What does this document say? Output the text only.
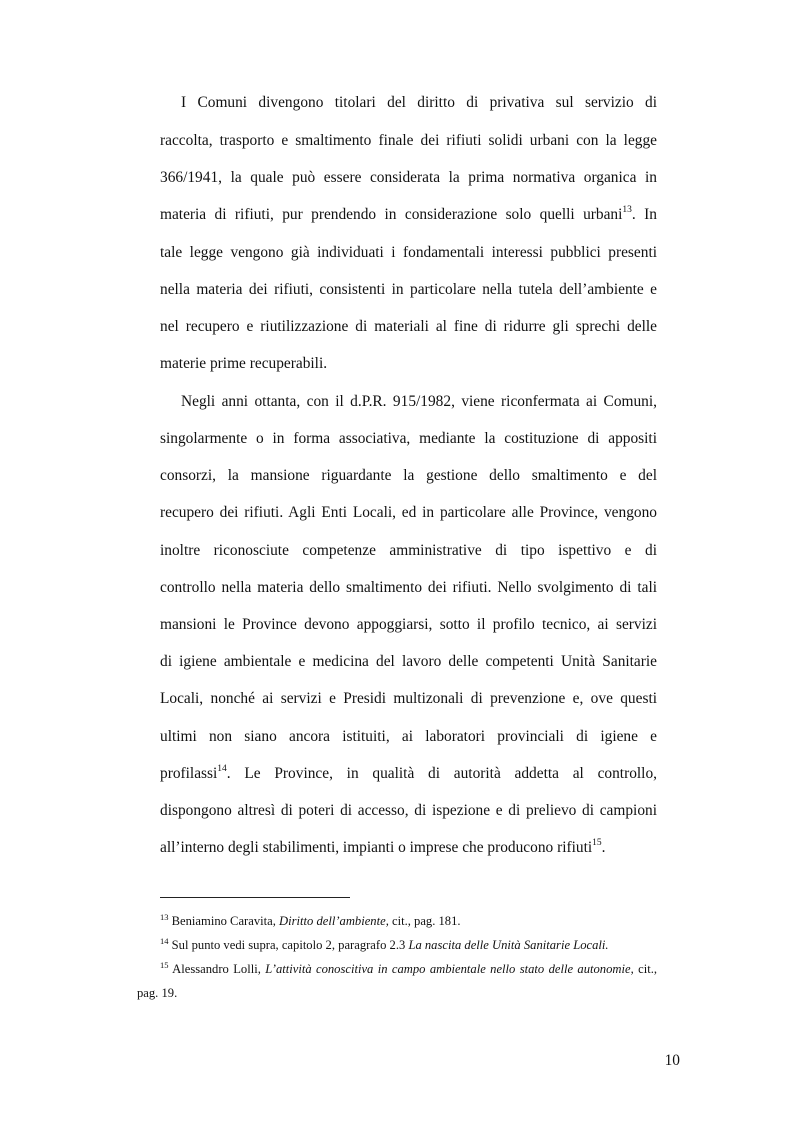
I Comuni divengono titolari del diritto di privativa sul servizio di
raccolta, trasporto e smaltimento finale dei rifiuti solidi urbani con la legge
366/1941, la quale può essere considerata la prima normativa organica in
materia di rifiuti, pur prendendo in considerazione solo quelli urbani$^{13}$. In
tale legge vengono già individuati i fondamentali interessi pubblici presenti
nella materia dei rifiuti, consistenti in particolare nella tutela dell’ambiente e
nel recupero e riutilizzazione di materiali al fine di ridurre gli sprechi delle
materie prime recuperabili.
Negli anni ottanta, con il d.P.R. 915/1982, viene riconfermata ai Comuni,
singolarmente o in forma associativa, mediante la costituzione di appositi
consorzi, la mansione riguardante la gestione dello smaltimento e del
recupero dei rifiuti. Agli Enti Locali, ed in particolare alle Province, vengono
inoltre riconosciute competenze amministrative di tipo ispettivo e di
controllo nella materia dello smaltimento dei rifiuti. Nello svolgimento di tali
mansioni le Province devono appoggiarsi, sotto il profilo tecnico, ai servizi
di igiene ambientale e medicina del lavoro delle competenti Unità Sanitarie
Locali, nonché ai servizi e Presidi multizonali di prevenzione e, ove questi
ultimi non siano ancora istituiti, ai laboratori provinciali di igiene e
profilassi$^{14}$. Le Province, in qualità di autorità addetta al controllo,
dispongono altresì di poteri di accesso, di ispezione e di prelievo di campioni
all’interno degli stabilimenti, impianti o imprese che producono rifiuti$^{15}$.
$^{13}$ Beniamino Caravita, Diritto dell’ambiente, cit., pag. 181.
$^{14}$ Sul punto vedi supra, capitolo 2, paragrafo 2.3 La nascita delle Unità Sanitarie Locali.
$^{15}$ Alessandro Lolli, L’attività conoscitiva in campo ambientale nello stato delle autonomie, cit.,
pag. 19.
10
